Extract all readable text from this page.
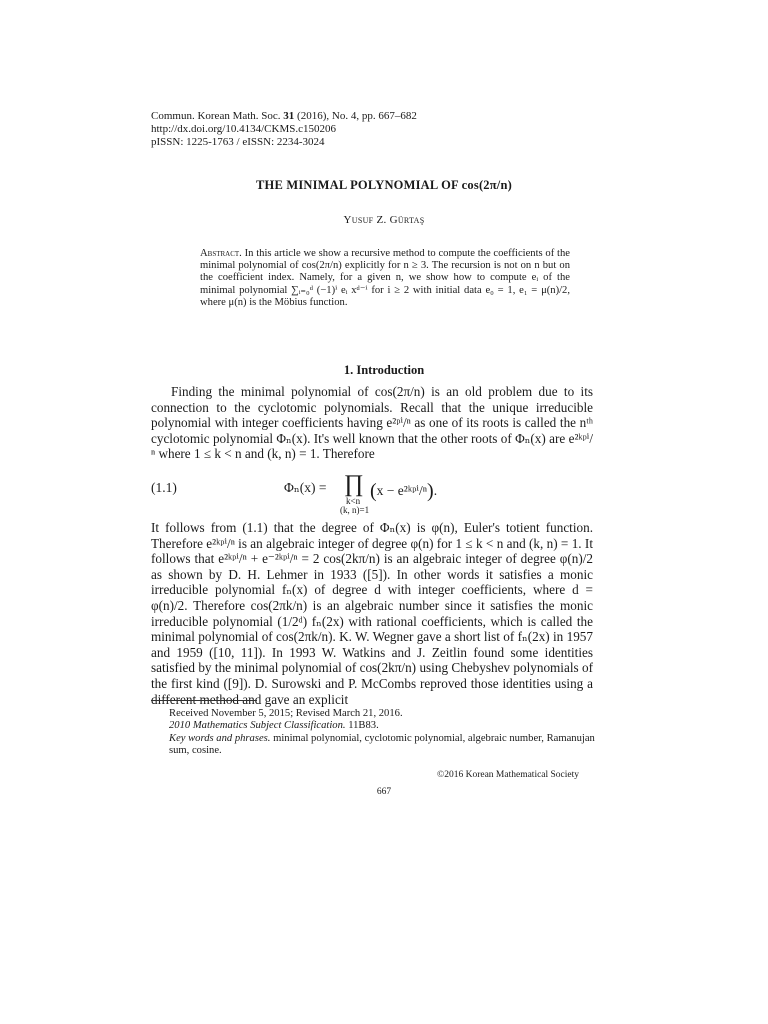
Commun. Korean Math. Soc. 31 (2016), No. 4, pp. 667–682
http://dx.doi.org/10.4134/CKMS.c150206
pISSN: 1225-1763 / eISSN: 2234-3024
THE MINIMAL POLYNOMIAL OF cos(2π/n)
Yusuf Z. Gürtaş
Abstract. In this article we show a recursive method to compute the coefficients of the minimal polynomial of cos(2π/n) explicitly for n ≥ 3. The recursion is not on n but on the coefficient index. Namely, for a given n, we show how to compute eᵢ of the minimal polynomial ∑ᵢ₌₀ᵈ (−1)ⁱ eᵢ xᵈ⁻ⁱ for i ≥ 2 with initial data e₀ = 1, e₁ = μ(n)/2, where μ(n) is the Möbius function.
1. Introduction
Finding the minimal polynomial of cos(2π/n) is an old problem due to its connection to the cyclotomic polynomials. Recall that the unique irreducible polynomial with integer coefficients having e²ᵖⁱ/ⁿ as one of its roots is called the nᵗʰ cyclotomic polynomial Φₙ(x). It's well known that the other roots of Φₙ(x) are e²ᵏᵖⁱ/ⁿ where 1 ≤ k < n and (k, n) = 1. Therefore
(1.1)	Φₙ(x) = ∏
k<n
(k, n)=1
(x − e²ᵏᵖⁱ/ⁿ).
It follows from (1.1) that the degree of Φₙ(x) is φ(n), Euler's totient function. Therefore e²ᵏᵖⁱ/ⁿ is an algebraic integer of degree φ(n) for 1 ≤ k < n and (k, n) = 1. It follows that e²ᵏᵖⁱ/ⁿ + e⁻²ᵏᵖⁱ/ⁿ = 2 cos(2kπ/n) is an algebraic integer of degree φ(n)/2 as shown by D. H. Lehmer in 1933 ([5]). In other words it satisfies a monic irreducible polynomial fₙ(x) of degree d with integer coefficients, where d = φ(n)/2. Therefore cos(2πk/n) is an algebraic number since it satisfies the monic irreducible polynomial (1/2ᵈ) fₙ(2x) with rational coefficients, which is called the minimal polynomial of cos(2πk/n). K. W. Wegner gave a short list of fₙ(2x) in 1957 and 1959 ([10, 11]). In 1993 W. Watkins and J. Zeitlin found some identities satisfied by the minimal polynomial of cos(2kπ/n) using Chebyshev polynomials of the first kind ([9]). D. Surowski and P. McCombs reproved those identities using a different method and gave an explicit
Received November 5, 2015; Revised March 21, 2016.
2010 Mathematics Subject Classification. 11B83.
Key words and phrases. minimal polynomial, cyclotomic polynomial, algebraic number, Ramanujan sum, cosine.
©2016 Korean Mathematical Society
667
